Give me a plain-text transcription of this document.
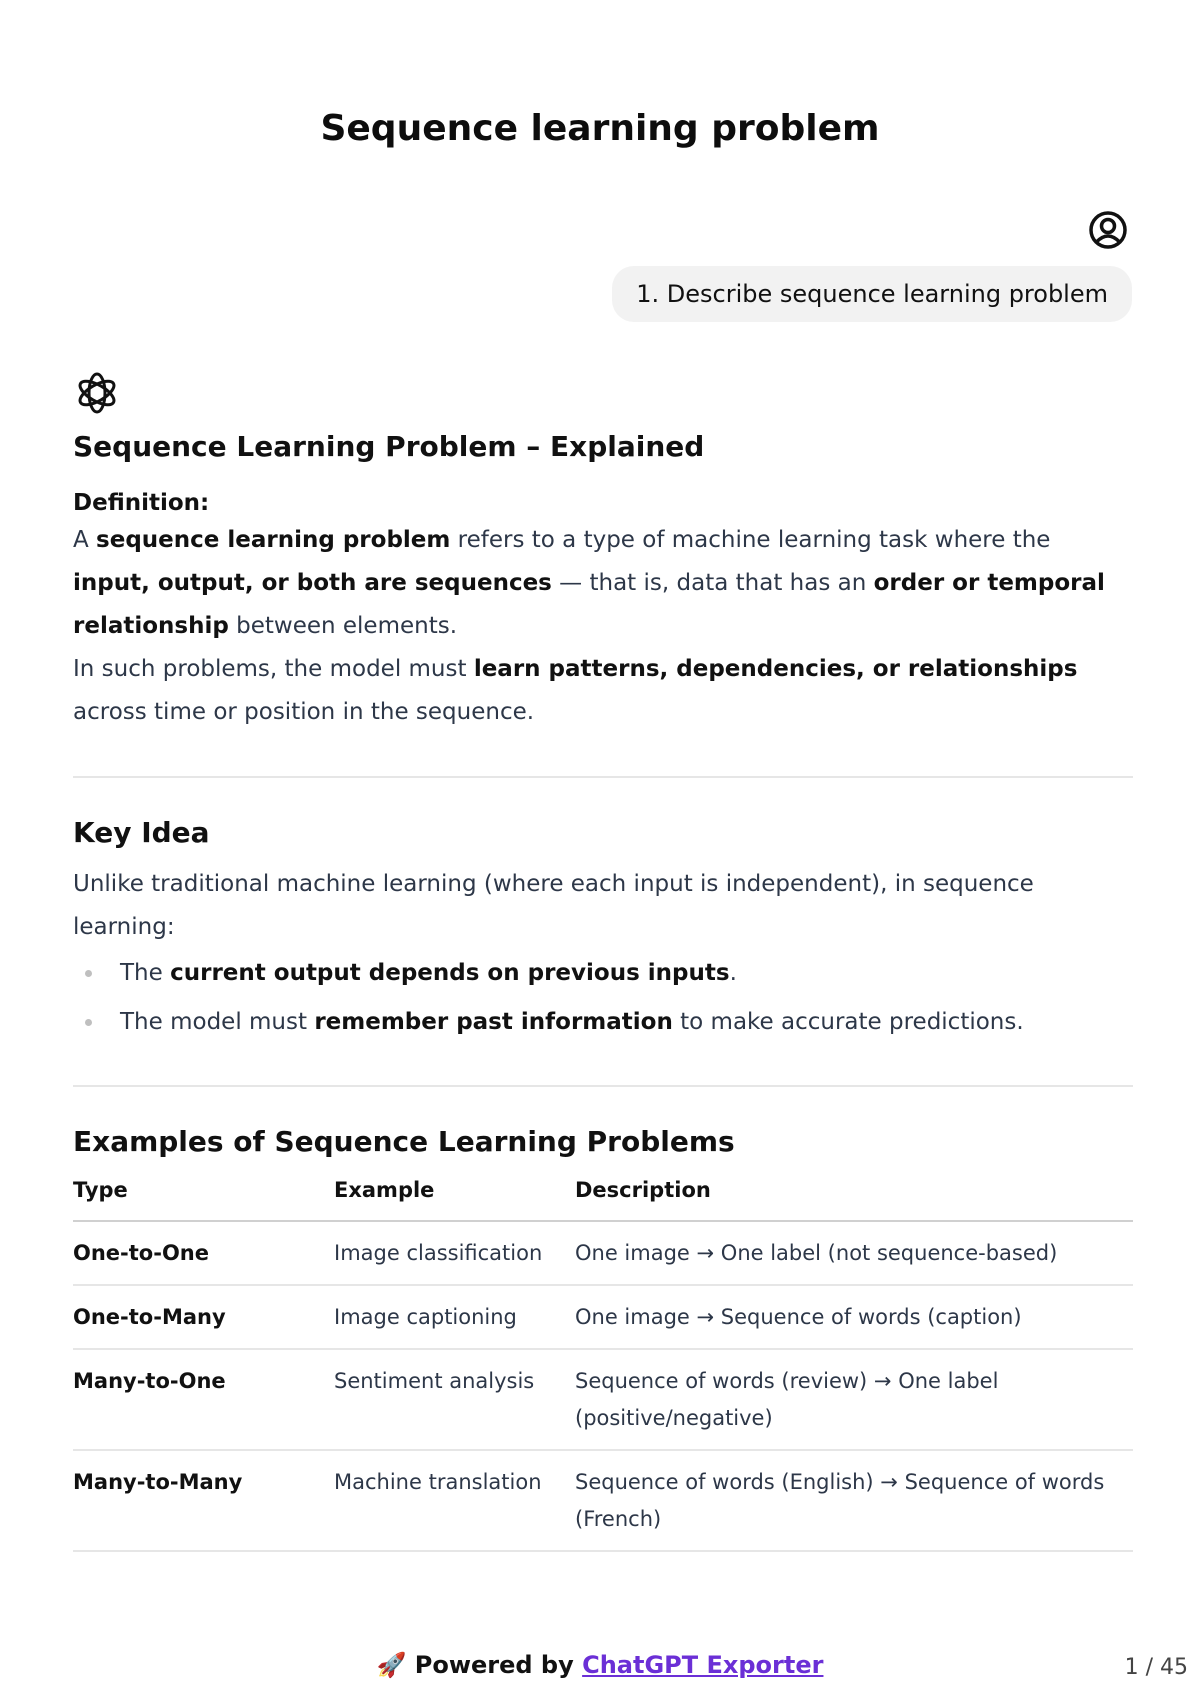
Sequence learning problem
1. Describe sequence learning problem
Sequence Learning Problem – Explained
Definition:

A sequence learning problem refers to a type of machine learning task where the input, output, or both are sequences — that is, data that has an order or temporal relationship between elements.

In such problems, the model must learn patterns, dependencies, or relationships across time or position in the sequence.

Key Idea

Unlike traditional machine learning (where each input is independent), in sequence learning:

The current output depends on previous inputs.
The model must remember past information to make accurate predictions.
Examples of Sequence Learning Problems
Type	Example	Description
One-to-One	Image classification	One image → One label (not sequence-based)
One-to-Many	Image captioning	One image → Sequence of words (caption)
Many-to-One	Sentiment analysis	Sequence of words (review) → One label (positive/negative)
Many-to-Many	Machine translation	Sequence of words (English) → Sequence of words (French)
🚀 Powered by ChatGPT Exporter	1 / 45
